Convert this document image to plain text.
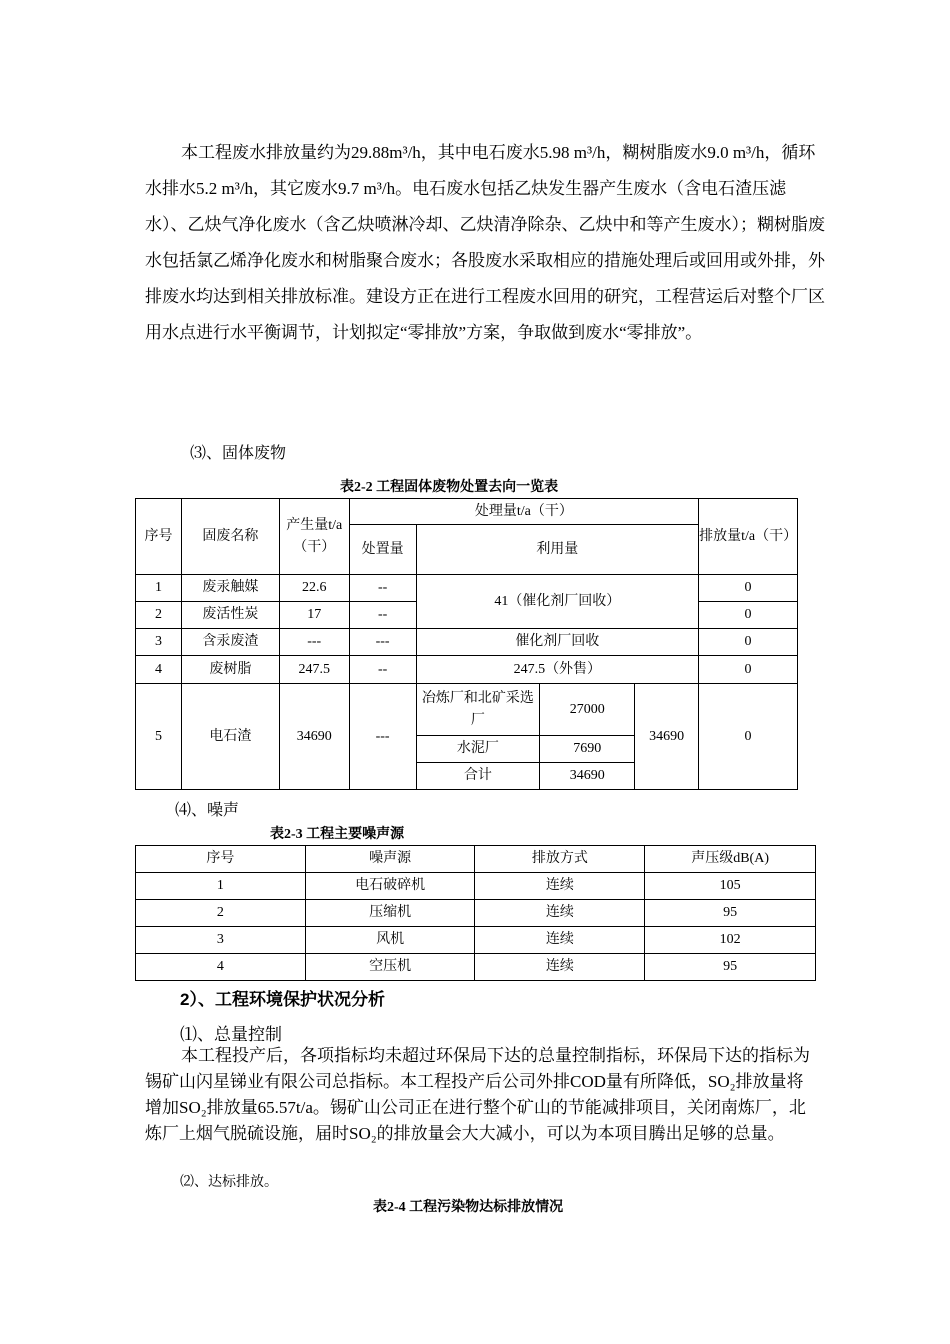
本工程废水排放量约为29.88m³/h，其中电石废水5.98 m³/h，糊树脂废水9.0 m³/h，循环水排水5.2 m³/h，其它废水9.7 m³/h。电石废水包括乙炔发生器产生废水（含电石渣压滤水）、乙炔气净化废水（含乙炔喷淋冷却、乙炔清净除杂、乙炔中和等产生废水）；糊树脂废水包括氯乙烯净化废水和树脂聚合废水；各股废水采取相应的措施处理后或回用或外排，外排废水均达到相关排放标准。建设方正在进行工程废水回用的研究，工程营运后对整个厂区用水点进行水平衡调节，计划拟定“零排放”方案，争取做到废水“零排放”。
⑶、固体废物
表2-2 工程固体废物处置去向一览表
序号	固废名称	产生量t/a（干）	处理量t/a（干）				排放量t/a（干）
			处置量	利用量			
1	废汞触媒	22.6	--	41（催化剂厂回收）			0
2	废活性炭	17	--				0
3	含汞废渣	---	---	催化剂厂回收			0
4	废树脂	247.5	--	247.5（外售）			0
5	电石渣	34690	---	冶炼厂和北矿采选厂	27000	34690	0
				水泥厂	7690		
				合计	34690		
⑷、噪声
表2-3 工程主要噪声源
序号	噪声源	排放方式	声压级dB(A)
1	电石破碎机	连续	105
2	压缩机	连续	95
3	风机	连续	102
4	空压机	连续	95
2）、工程环境保护状况分析
⑴、总量控制
本工程投产后，各项指标均未超过环保局下达的总量控制指标，环保局下达的指标为锡矿山闪星锑业有限公司总指标。本工程投产后公司外排COD量有所降低，SO₂排放量将增加SO₂排放量65.57t/a。锡矿山公司正在进行整个矿山的节能减排项目，关闭南炼厂，北炼厂上烟气脱硫设施，届时SO₂的排放量会大大减小，可以为本项目腾出足够的总量。
⑵、达标排放。
表2-4 工程污染物达标排放情况
